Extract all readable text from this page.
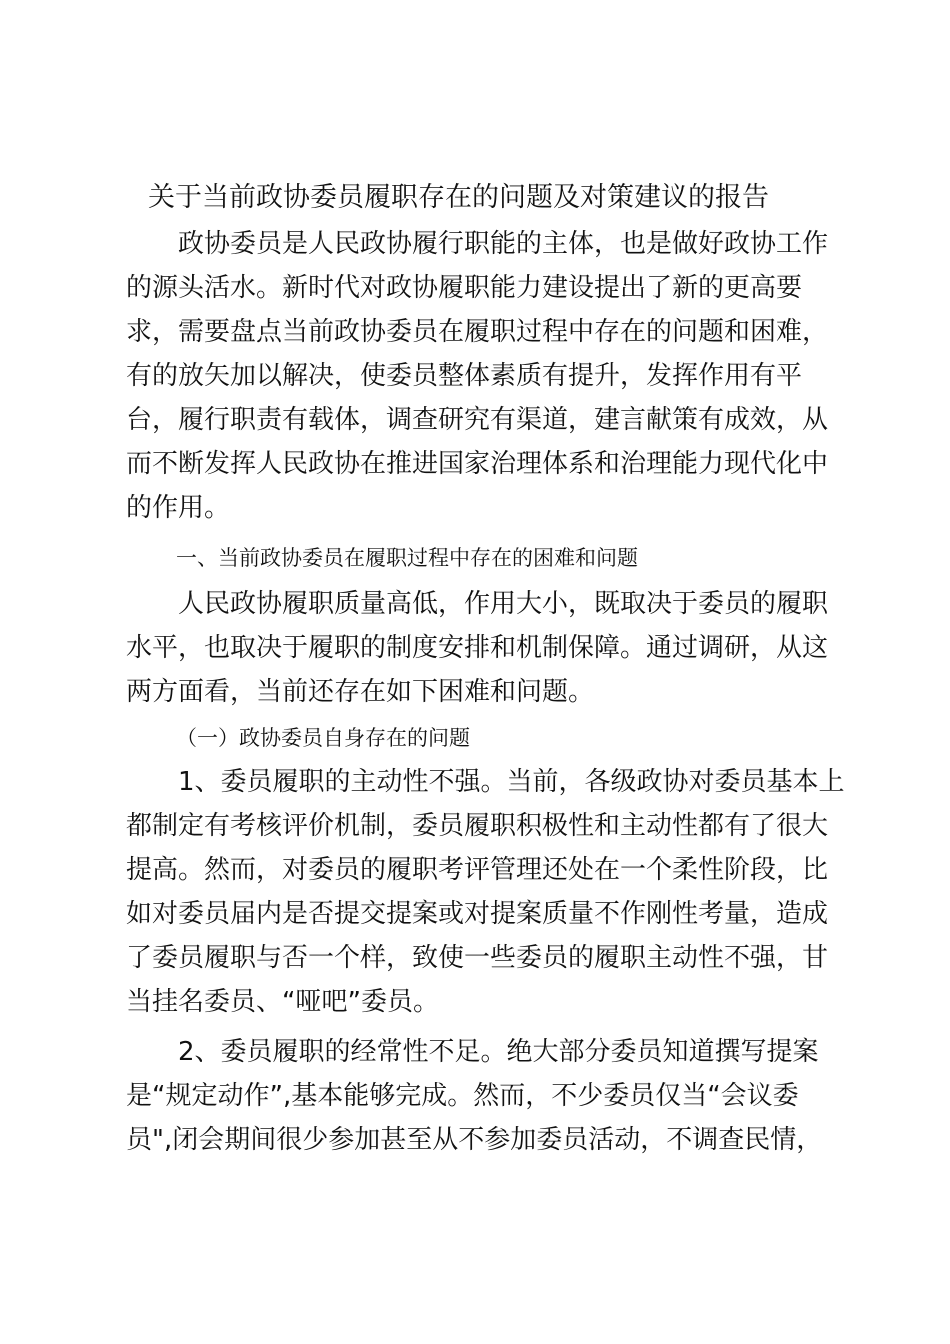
关于当前政协委员履职存在的问题及对策建议的报告
　　政协委员是人民政协履行职能的主体，也是做好政协工作
的源头活水。新时代对政协履职能力建设提出了新的更高要
求，需要盘点当前政协委员在履职过程中存在的问题和困难，
有的放矢加以解决，使委员整体素质有提升，发挥作用有平
台，履行职责有载体，调查研究有渠道，建言献策有成效，从
而不断发挥人民政协在推进国家治理体系和治理能力现代化中
的作用。
一、当前政协委员在履职过程中存在的困难和问题
　　人民政协履职质量高低，作用大小，既取决于委员的履职
水平，也取决于履职的制度安排和机制保障。通过调研，从这
两方面看，当前还存在如下困难和问题。
（一）政协委员自身存在的问题
　　1、委员履职的主动性不强。当前，各级政协对委员基本上
都制定有考核评价机制，委员履职积极性和主动性都有了很大
提高。然而，对委员的履职考评管理还处在一个柔性阶段，比
如对委员届内是否提交提案或对提案质量不作刚性考量，造成
了委员履职与否一个样，致使一些委员的履职主动性不强，甘
当挂名委员、“哑吧”委员。
　　2、委员履职的经常性不足。绝大部分委员知道撰写提案
是“规定动作”,基本能够完成。然而，不少委员仅当“会议委
员",闭会期间很少参加甚至从不参加委员活动，不调查民情，
